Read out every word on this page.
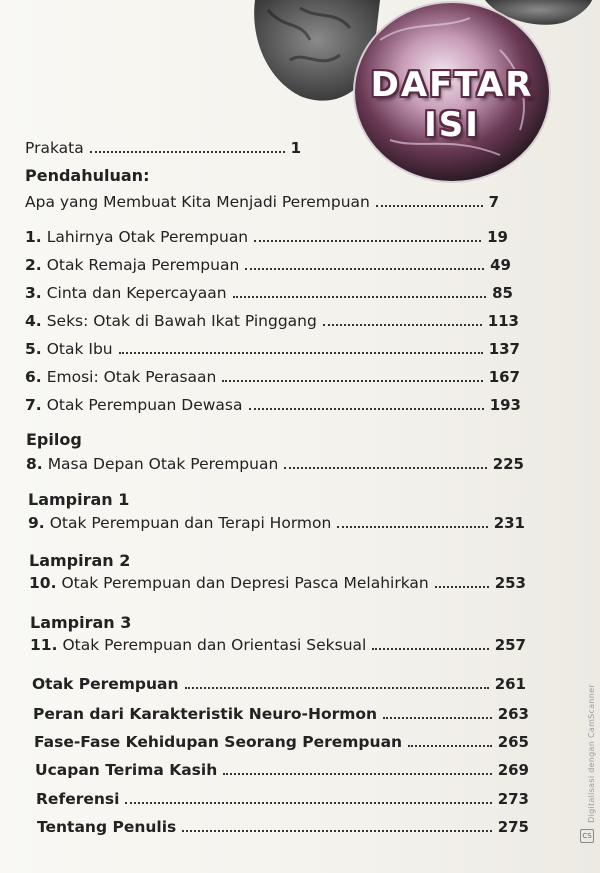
DAFTAR
ISI
Prakata	1
Pendahuluan:
Apa yang Membuat Kita Menjadi Perempuan	7
1. Lahirnya Otak Perempuan	19
2. Otak Remaja Perempuan	49
3. Cinta dan Kepercayaan	85
4. Seks: Otak di Bawah Ikat Pinggang	113
5. Otak Ibu	137
6. Emosi: Otak Perasaan	167
7. Otak Perempuan Dewasa	193
Epilog
8. Masa Depan Otak Perempuan	225
Lampiran 1
9. Otak Perempuan dan Terapi Hormon	231
Lampiran 2
10. Otak Perempuan dan Depresi Pasca Melahirkan	253
Lampiran 3
11. Otak Perempuan dan Orientasi Seksual	257
Otak Perempuan	261
Peran dari Karakteristik Neuro-Hormon	263
Fase-Fase Kehidupan Seorang Perempuan	265
Ucapan Terima Kasih	269
Referensi	273
Tentang Penulis	275
Digitalisasi dengan CamScanner
CS
